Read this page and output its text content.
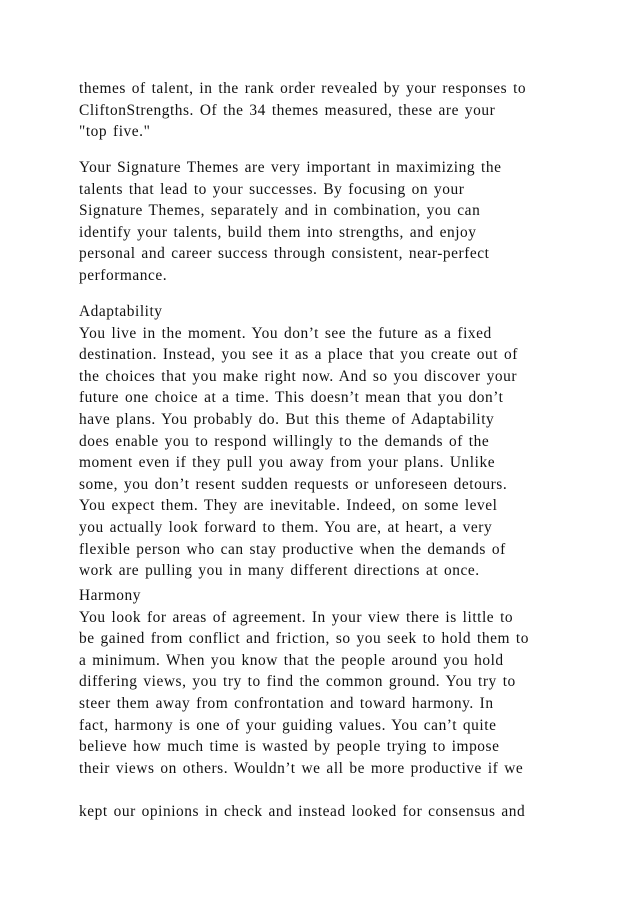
themes of talent, in the rank order revealed by your responses to
CliftonStrengths. Of the 34 themes measured, these are your
"top five."
Your Signature Themes are very important in maximizing the
talents that lead to your successes. By focusing on your
Signature Themes, separately and in combination, you can
identify your talents, build them into strengths, and enjoy
personal and career success through consistent, near-perfect
performance.
Adaptability
You live in the moment. You don’t see the future as a fixed
destination. Instead, you see it as a place that you create out of
the choices that you make right now. And so you discover your
future one choice at a time. This doesn’t mean that you don’t
have plans. You probably do. But this theme of Adaptability
does enable you to respond willingly to the demands of the
moment even if they pull you away from your plans. Unlike
some, you don’t resent sudden requests or unforeseen detours.
You expect them. They are inevitable. Indeed, on some level
you actually look forward to them. You are, at heart, a very
flexible person who can stay productive when the demands of
work are pulling you in many different directions at once.
Harmony
You look for areas of agreement. In your view there is little to
be gained from conflict and friction, so you seek to hold them to
a minimum. When you know that the people around you hold
differing views, you try to find the common ground. You try to
steer them away from confrontation and toward harmony. In
fact, harmony is one of your guiding values. You can’t quite
believe how much time is wasted by people trying to impose
their views on others. Wouldn’t we all be more productive if we
kept our opinions in check and instead looked for consensus and
